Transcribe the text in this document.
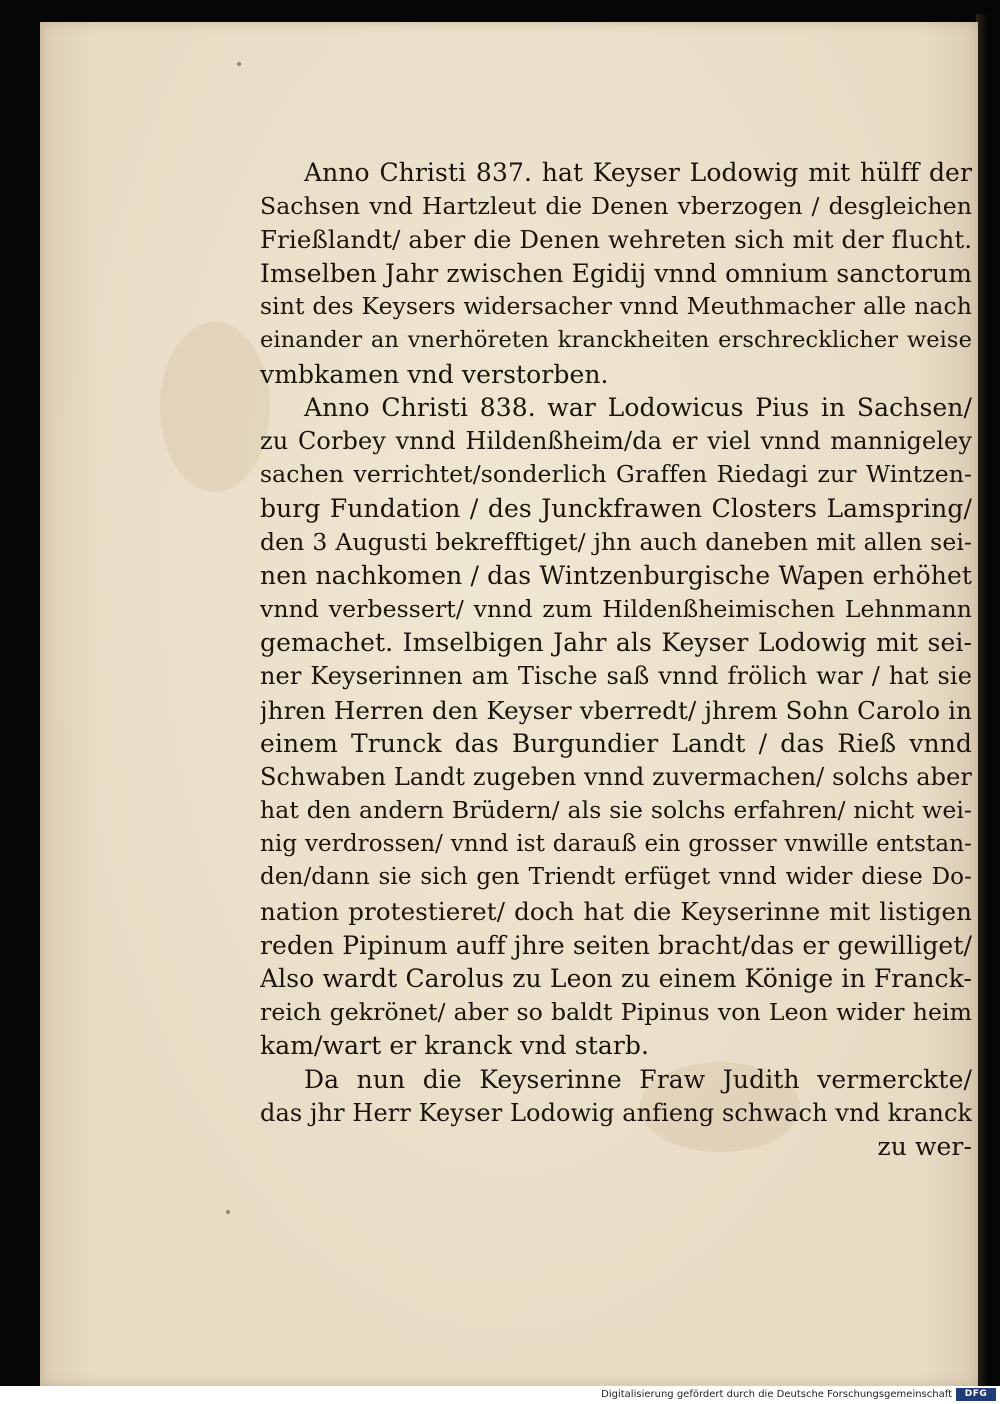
Anno Christi 837. hat Keyser Lodowig mit hülff der
Sachsen vnd Hartzleut die Denen vberzogen / desgleichen
Frießlandt/ aber die Denen wehreten sich mit der flucht.
Imselben Jahr zwischen Egidij vnnd omnium sanctorum
sint des Keysers widersacher vnnd Meuthmacher alle nach
einander an vnerhöreten kranckheiten erschrecklicher weise
vmbkamen vnd verstorben.
Anno Christi 838. war Lodowicus Pius in Sachsen/
zu Corbey vnnd Hildenßheim/da er viel vnnd mannigeley
sachen verrichtet/sonderlich Graffen Riedagi zur Wintzen-
burg Fundation / des Junckfrawen Closters Lamspring/
den 3 Augusti bekrefftiget/ jhn auch daneben mit allen sei-
nen nachkomen / das Wintzenburgische Wapen erhöhet
vnnd verbessert/ vnnd zum Hildenßheimischen Lehnmann
gemachet. Imselbigen Jahr als Keyser Lodowig mit sei-
ner Keyserinnen am Tische saß vnnd frölich war / hat sie
jhren Herren den Keyser vberredt/ jhrem Sohn Carolo in
einem Trunck das Burgundier Landt / das Rieß vnnd
Schwaben Landt zugeben vnnd zuvermachen/ solchs aber
hat den andern Brüdern/ als sie solchs erfahren/ nicht wei-
nig verdrossen/ vnnd ist darauß ein grosser vnwille entstan-
den/dann sie sich gen Triendt erfüget vnnd wider diese Do-
nation protestieret/ doch hat die Keyserinne mit listigen
reden Pipinum auff jhre seiten bracht/das er gewilliget/
Also wardt Carolus zu Leon zu einem Könige in Franck-
reich gekrönet/ aber so baldt Pipinus von Leon wider heim
kam/wart er kranck vnd starb.
Da nun die Keyserinne Fraw Judith vermerckte/
das jhr Herr Keyser Lodowig anfieng schwach vnd kranck
zu wer-
Digitalisierung gefördert durch die Deutsche Forschungsgemeinschaft	DFG
